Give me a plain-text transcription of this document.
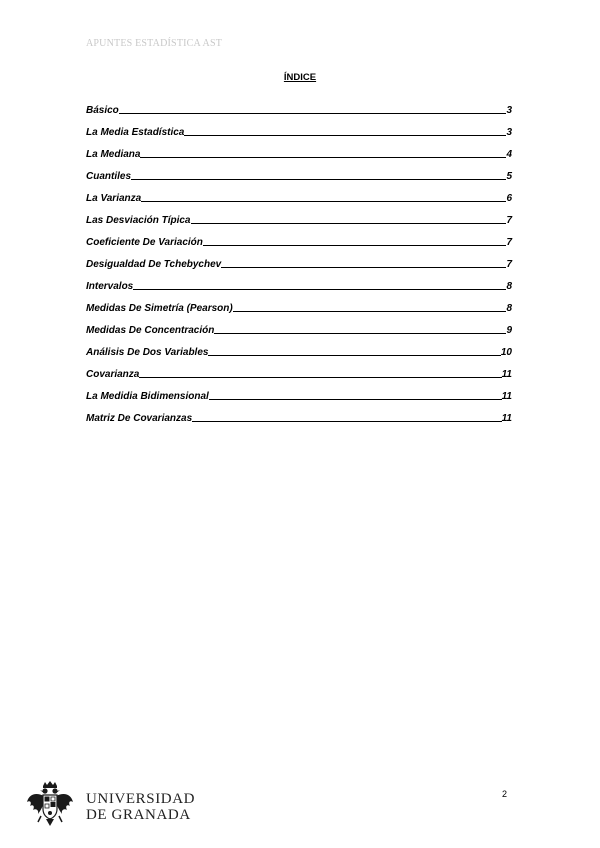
APUNTES ESTADÍSTICA AST
ÍNDICE
Básico	3
La Media Estadística	3
La Mediana	4
Cuantiles	5
La Varianza	6
Las Desviación Típica	7
Coeficiente De Variación	7
Desigualdad De Tchebychev	7
Intervalos	8
Medidas De Simetría (Pearson)	8
Medidas De Concentración	9
Análisis De Dos Variables	10
Covarianza	11
La Medidia Bidimensional	11
Matriz De Covarianzas	11
2
UNIVERSIDAD
DE GRANADA
